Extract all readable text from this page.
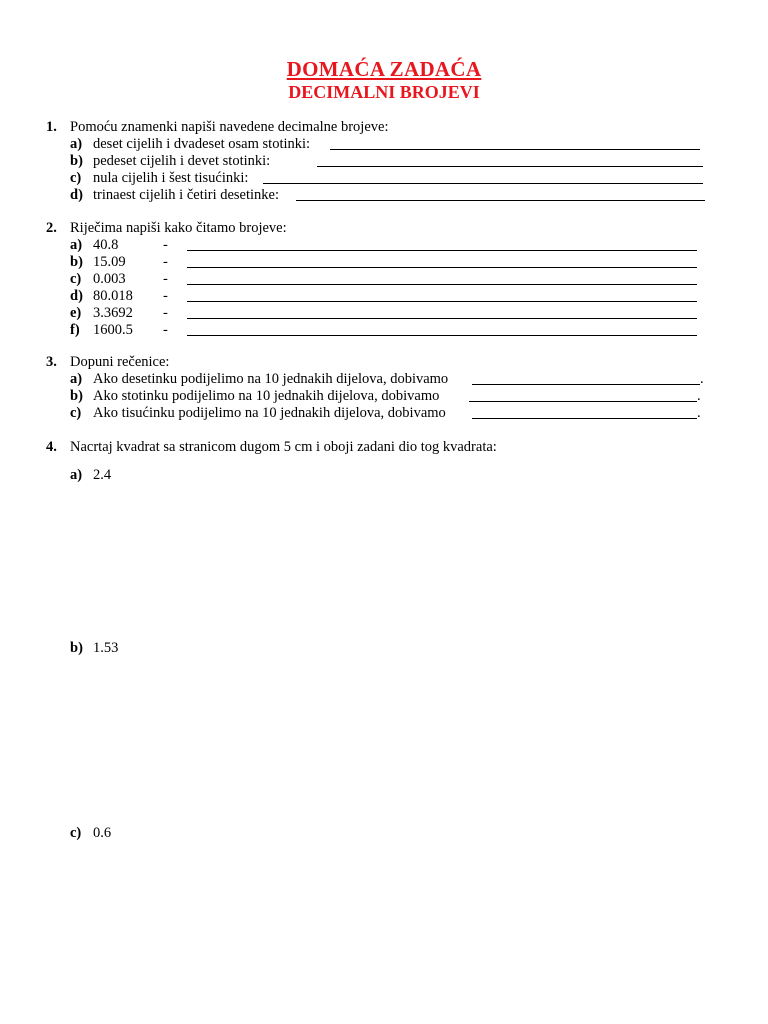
DOMAĆA ZADAĆA
DECIMALNI BROJEVI
1. Pomoću znamenki napiši navedene decimalne brojeve:
a) deset cijelih i dvadeset osam stotinki:
b) pedeset cijelih i devet stotinki:
c) nula cijelih i šest tisućinki:
d) trinaest cijelih i četiri desetinke:
2. Riječima napiši kako čitamo brojeve:
a) 40.8	-
b) 15.09	-
c) 0.003	-
d) 80.018 -
e) 3.3692 -
f) 1600.5 -
3. Dopuni rečenice:
a) Ako desetinku podijelimo na 10 jednakih dijelova, dobivamo	.
b) Ako stotinku podijelimo na 10 jednakih dijelova, dobivamo	.
c) Ako tisućinku podijelimo na 10 jednakih dijelova, dobivamo	.
4. Nacrtaj kvadrat sa stranicom dugom 5 cm i oboji zadani dio tog kvadrata:
a) 2.4
b) 1.53
c) 0.6
